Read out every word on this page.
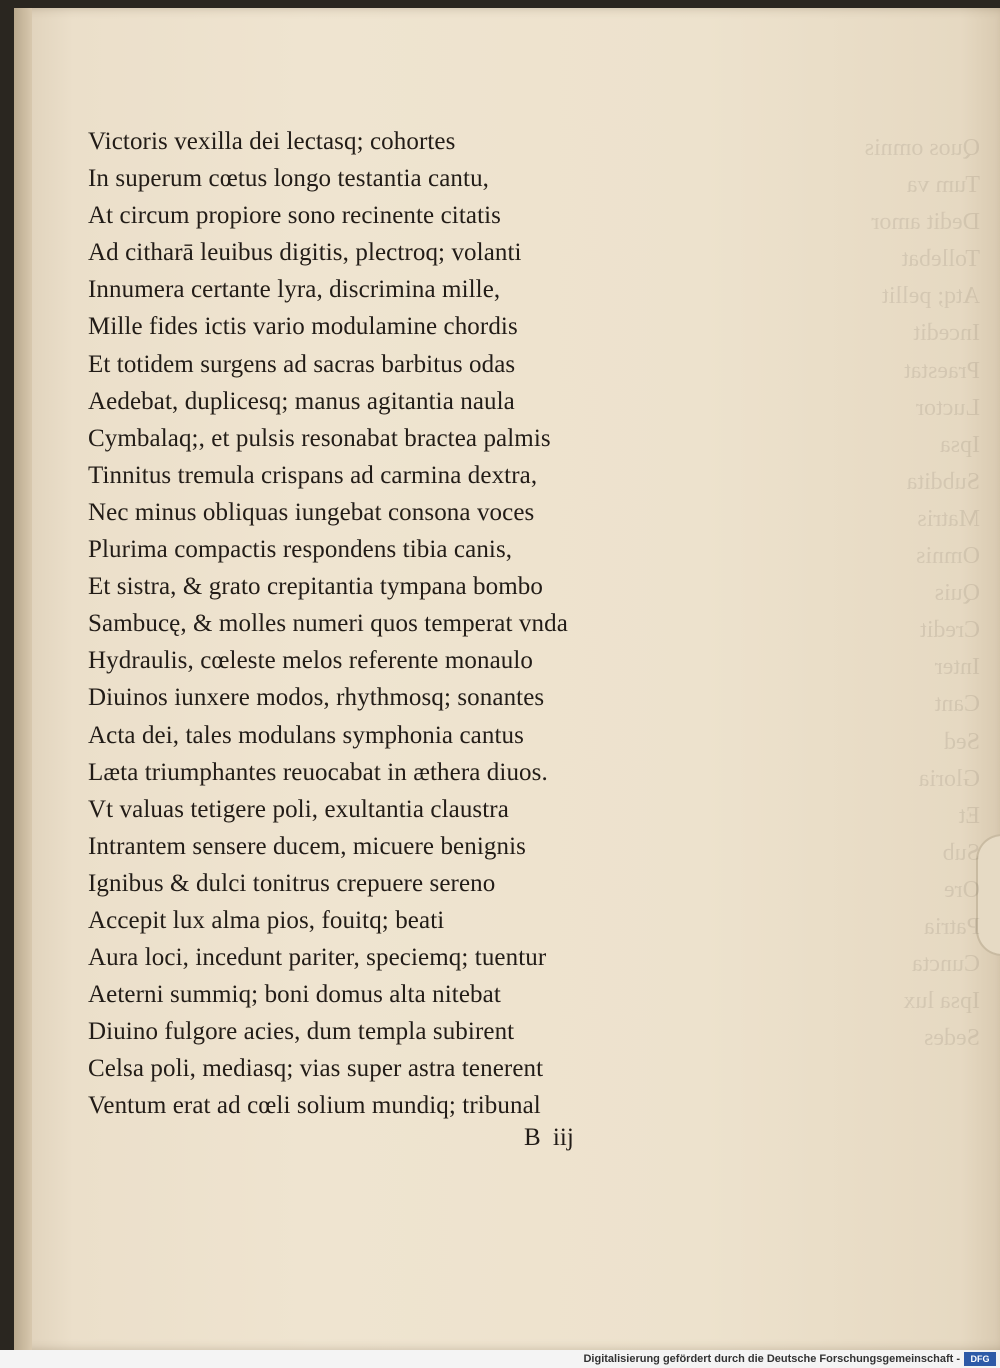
Quos omnis
Tum va
Dedit amor
Tollebat
Atq; pellit
Incedit
Praestat
Luctor
Ipsa
Subdita
Matris
Omnis
Quis
Credit
Inter
Cant
Sed
Gloria
Et
Sub
Ore
Patria
Cuncta
Ipsa lux
Sedes
Victoris vexilla dei lectasq; cohortes
In superum cœtus longo testantia cantu,
At circum propiore sono recinente citatis
Ad citharā leuibus digitis, plectroq; volanti
Innumera certante lyra, discrimina mille,
Mille fides ictis vario modulamine chordis
Et totidem surgens ad sacras barbitus odas
Aedebat, duplicesq; manus agitantia naula
Cymbalaq;, et pulsis resonabat bractea palmis
Tinnitus tremula crispans ad carmina dextra,
Nec minus obliquas iungebat consona voces
Plurima compactis respondens tibia canis,
Et sistra, & grato crepitantia tympana bombo
Sambucę, & molles numeri quos temperat vnda
Hydraulis, cœleste melos referente monaulo
Diuinos iunxere modos, rhythmosq; sonantes
Acta dei, tales modulans symphonia cantus
Læta triumphantes reuocabat in æthera diuos.
Vt valuas tetigere poli, exultantia claustra
Intrantem sensere ducem, micuere benignis
Ignibus & dulci tonitrus crepuere sereno
Accepit lux alma pios, fouitq; beati
Aura loci, incedunt pariter, speciemq; tuentur
Aeterni summiq; boni domus alta nitebat
Diuino fulgore acies, dum templa subirent
Celsa poli, mediasq; vias super astra tenerent
Ventum erat ad cœli solium mundiq; tribunal
B iij
Digitalisierung gefördert durch die Deutsche Forschungsgemeinschaft -	DFG
